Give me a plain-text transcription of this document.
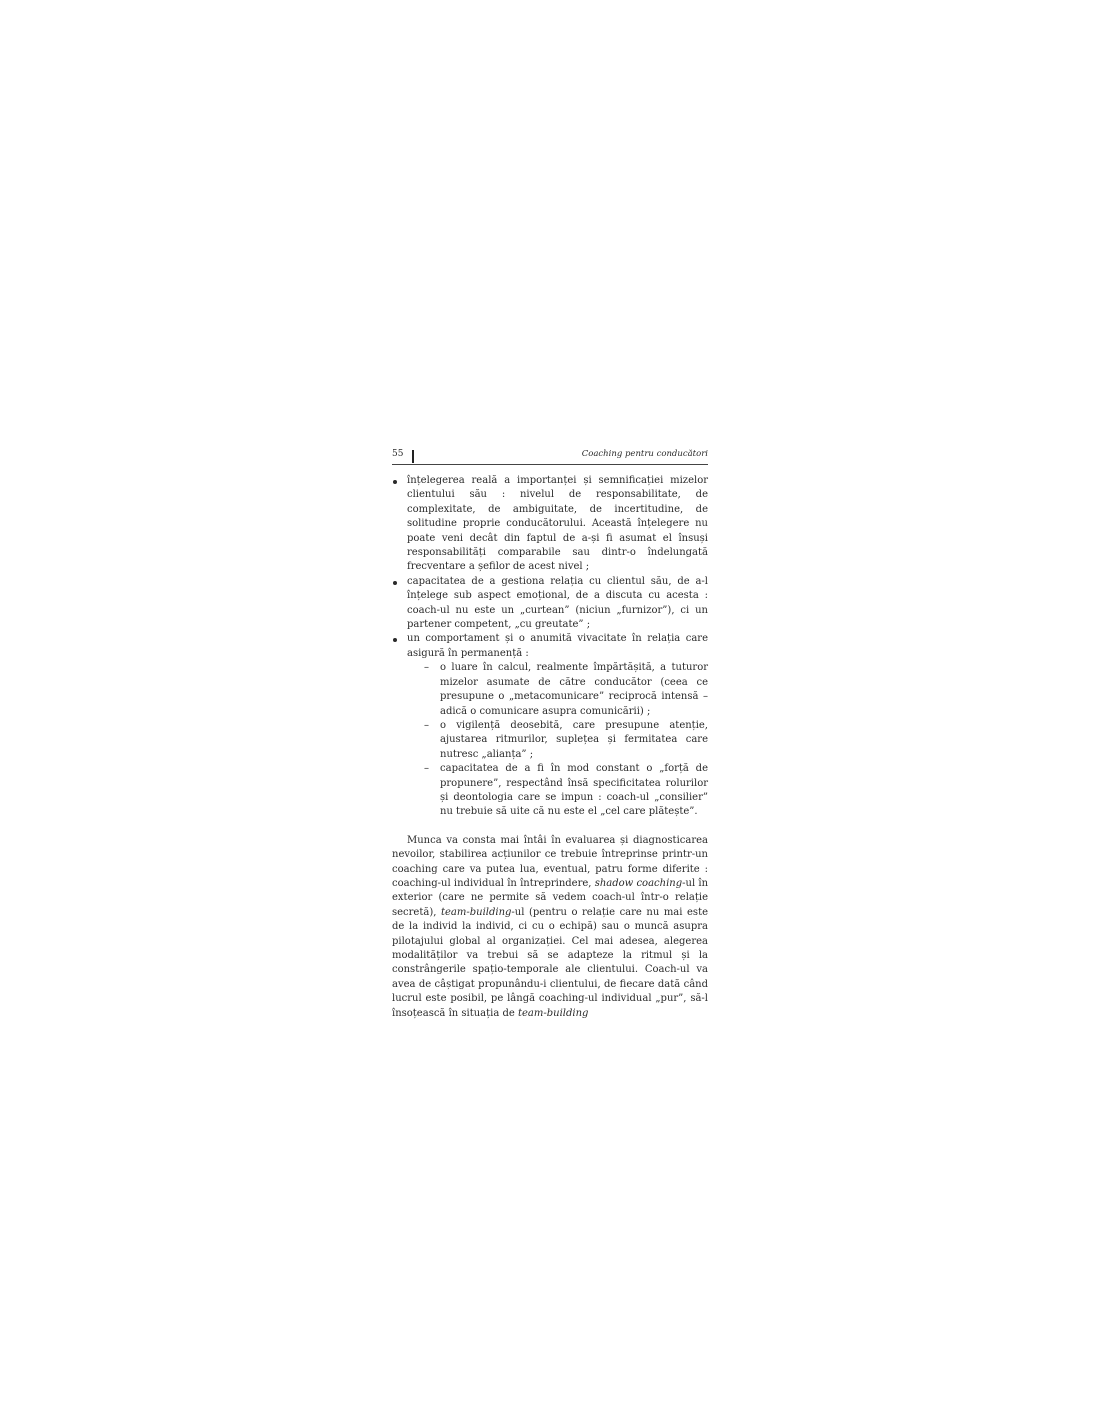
55	Coaching pentru conducători
înțelegerea reală a importanței și semnificației mizelor clientului său : nivelul de responsabilitate, de complexitate, de ambiguitate, de incertitudine, de solitudine proprie conducătorului. Această înțelegere nu poate veni decât din faptul de a-și fi asumat el însuși responsabilități comparabile sau dintr-o îndelungată frecventare a șefilor de acest nivel ;
capacitatea de a gestiona relația cu clientul său, de a-l înțelege sub aspect emoțional, de a discuta cu acesta : coach-ul nu este un „curtean” (niciun „furnizor”), ci un partener competent, „cu greutate” ;
un comportament și o anumită vivacitate în relația care asigură în permanență :
– o luare în calcul, realmente împărtășită, a tuturor mizelor asumate de către conducător (ceea ce presupune o „metacomunicare” reciprocă intensă – adică o comunicare asupra comunicării) ;
– o vigilență deosebită, care presupune atenție, ajustarea ritmurilor, suplețea și fermitatea care nutresc „alianța” ;
– capacitatea de a fi în mod constant o „forță de propunere”, respectând însă specificitatea rolurilor și deontologia care se impun : coach-ul „consilier” nu trebuie să uite că nu este el „cel care plătește”.
Munca va consta mai întâi în evaluarea și diagnosticarea nevoilor, stabilirea acțiunilor ce trebuie întreprinse printr-un coaching care va putea lua, eventual, patru forme diferite : coaching-ul individual în întreprindere, shadow coaching-ul în exterior (care ne permite să vedem coach-ul într-o relație secretă), team-building-ul (pentru o relație care nu mai este de la individ la individ, ci cu o echipă) sau o muncă asupra pilotajului global al organizației. Cel mai adesea, alegerea modalităților va trebui să se adapteze la ritmul și la constrângerile spațio-temporale ale clientului. Coach-ul va avea de câștigat propunându-i clientului, de fiecare dată când lucrul este posibil, pe lângă coaching-ul individual „pur”, să-l însoțească în situația de team-building
